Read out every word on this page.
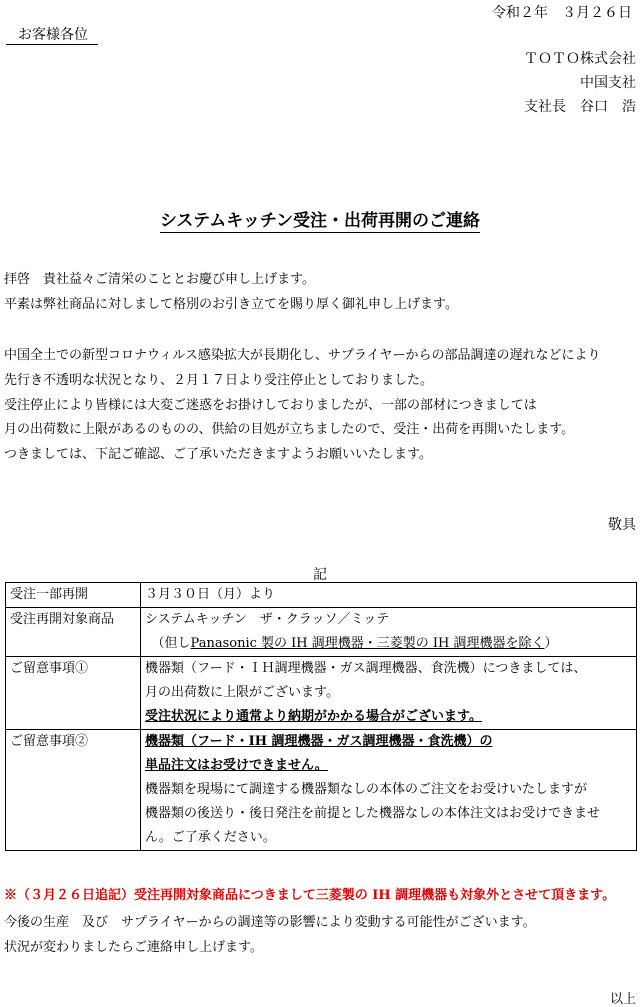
令和２年　３月２６日
お客様各位
ＴＯＴＯ株式会社
中国支社
支社長　谷口　浩
システムキッチン受注・出荷再開のご連絡
拝啓　貴社益々ご清栄のこととお慶び申し上げます。
平素は弊社商品に対しまして格別のお引き立てを賜り厚く御礼申し上げます。
中国全土での新型コロナウィルス感染拡大が長期化し、サプライヤーからの部品調達の遅れなどにより
先行き不透明な状況となり、２月１７日より受注停止としておりました。
受注停止により皆様には大変ご迷惑をお掛けしておりましたが、一部の部材につきましては
月の出荷数に上限があるのものの、供給の目処が立ちましたので、受注・出荷を再開いたします。
つきましては、下記ご確認、ご了承いただきますようお願いいたします。
敬具
記
受注一部再開	３月３０日（月）より
受注再開対象商品	システムキッチン　ザ・クラッソ／ミッテ
　（但しPanasonic 製の IH 調理機器・三菱製の IH 調理機器を除く）

ご留意事項①	機器類（フード・ＩＨ調理機器・ガス調理機器、食洗機）につきましては、
月の出荷数に上限がございます。
受注状況により通常より納期がかかる場合がございます。

ご留意事項②	機器類（フード・IH 調理機器・ガス調理機器・食洗機）の
単品注文はお受けできません。
機器類を現場にて調達する機器類なしの本体のご注文をお受けいたしますが
機器類の後送り・後日発注を前提とした機器なしの本体注文はお受けできませ
ん。ご了承ください。
※（３月２６日追記）受注再開対象商品につきまして三菱製の IH 調理機器も対象外とさせて頂きます。
今後の生産　及び　サプライヤーからの調達等の影響により変動する可能性がございます。
状況が変わりましたらご連絡申し上げます。
以上
